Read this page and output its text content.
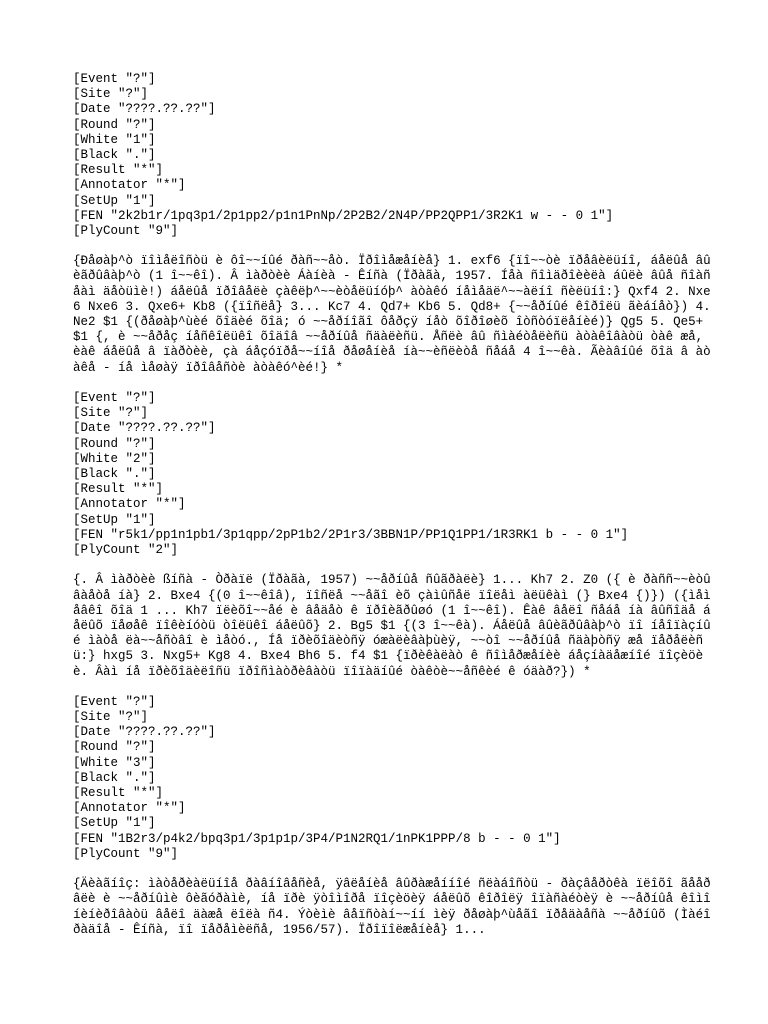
[Event "?"]
[Site "?"]
[Date "????.??.??"]
[Round "?"]
[White "1"]
[Black "."]
[Result "*"]
[Annotator "*"]
[SetUp "1"]
[FEN "2k2b1r/1pq3p1/2p1pp2/p1n1PnNp/2P2B2/2N4P/PP2QPP1/3R2K1 w - - 0 1"]
[PlyCount "9"]
{Ðåøàþ^ò ïîìåëîñòü è ôî~~íûé ðàñ~~åò. Ïðîìåæåíèå} 1. exf6 {ïî~~òè ïðåâèëüíî, áåëûå âûèãðûâàþ^ò (1 î~~êî). Â ìàðòèè Áàíèà - Êíñà (Ïðàãà, 1957. Íåà ñîìäðîèèëà áûëè âûå ñîàñåàì äåòüìè!) áåëûå ïðîâåëè çàêëþ^~~èòåëüíóþ^ àòàêó íåìåäë^~~àëíî ñèëüíî:} Qxf4 2. Nxe6 Nxe6 3. Qxe6+ Kb8 ({ïîñëå} 3... Kc7 4. Qd7+ Kb6 5. Qd8+ {~~åðíûé êîðîëü ãèáíåò}) 4. Ne2 $1 {(ðåøàþ^ùèé õîäèé õîä; ó ~~åðíîãî ôåðçÿ íåò õîðîøèõ îòñòóïëåíèé)} Qg5 5. Qe5+ $1 {, è ~~åðåç íåñêîëüêî õîäîâ ~~åðíûå ñäàëèñü. Åñëè âû ñìàéòåëèñü àòàêîâàòü òàê æå, èàê áåëûå â ïàðòèè, çà áåçóïðå~~íîå ðåøåíèå íà~~èñëèòå ñåáå 4 î~~êà. Ãèàâíûé õîä â àòàêå - íå ìåøàÿ ïðîâåñòè àòàêó^èé!} *
[Event "?"]
[Site "?"]
[Date "????.??.??"]
[Round "?"]
[White "2"]
[Black "."]
[Result "*"]
[Annotator "*"]
[SetUp "1"]
[FEN "r5k1/pp1n1pb1/3p1qpp/2pP1b2/2P1r3/3BBN1P/PP1Q1PP1/1R3RK1 b - - 0 1"]
[PlyCount "2"]
{. Â ìàðòèè ßíñà - Òðàïë (Ïðàãà, 1957) ~~åðíûå ñûãðàëè} 1... Kh7 2. Z0 ({ è ðàññ~~èòûâàåòå íà} 2. Bxe4 {(0 î~~êîâ), ïîñëå ~~åãî èõ çàìûñåë ïîëåì àëüêàì (} Bxe4 {)}) ({ìåìåâêî õîä 1 ... Kh7 ïëèõî~~åé è âåäåò ê ïðîèãðûøó (1 î~~êî). Êàê âåëî ñåáå íà âûñîäå áåëûõ ïåøåê ïîêèíóòü òîëüêî áåëûõ} 2. Bg5 $1 {(3 î~~êà). Áåëûå âûèãðûâàþ^ò ïî íåîïàçíûé ìàòå ëà~~åñòâî è ìåòó., Íå ïðèõîäèòñÿ óæàëèâàþùèÿ, ~~òî ~~åðíûå ñäàþòñÿ æå ïåðåëèñü:} hxg5 3. Nxg5+ Kg8 4. Bxe4 Bh6 5. f4 $1 {ïðèêàëàò ê ñîìåðæåíèè áåçíàäåæíîé ïîçèöèè. Âàì íå ïðèõîäèëîñü ïðîñìàòðèâàòü ïîïàäíûé òàêòè~~åñêèé ê óäàð?}) *
[Event "?"]
[Site "?"]
[Date "????.??.??"]
[Round "?"]
[White "3"]
[Black "."]
[Result "*"]
[Annotator "*"]
[SetUp "1"]
[FEN "1B2r3/p4k2/bpq3p1/3p1p1p/3P4/P1N2RQ1/1nPK1PPP/8 b - - 0 1"]
[PlyCount "9"]
{Äèàãíîç: ìàòåðèàëüíîå ðàâíîâåñèå, ÿâëåíèå âûðàæåííîé ñëàáîñòü - ðàçâåðòêà ïëîõî ãååðâëè è ~~åðíûìè ôèãóðàìè, íå ïðè ÿòîìîðå ïîçèöèÿ áåëûõ êîðîëÿ îïàñàéòèÿ è ~~åðíûå êîìîíèíèðîâàòü âåëî äàæå ëîëà ñ4. Ýòèìè âåïñòàí~~íí ìèÿ ðåøàþ^ùåãî ïðåäàåñà ~~åðíûõ (Ìàéîðàäîå - Êíñà, ïî ïåðåìèëñå, 1956/57). Ïðîïîëæåíèå} 1...
